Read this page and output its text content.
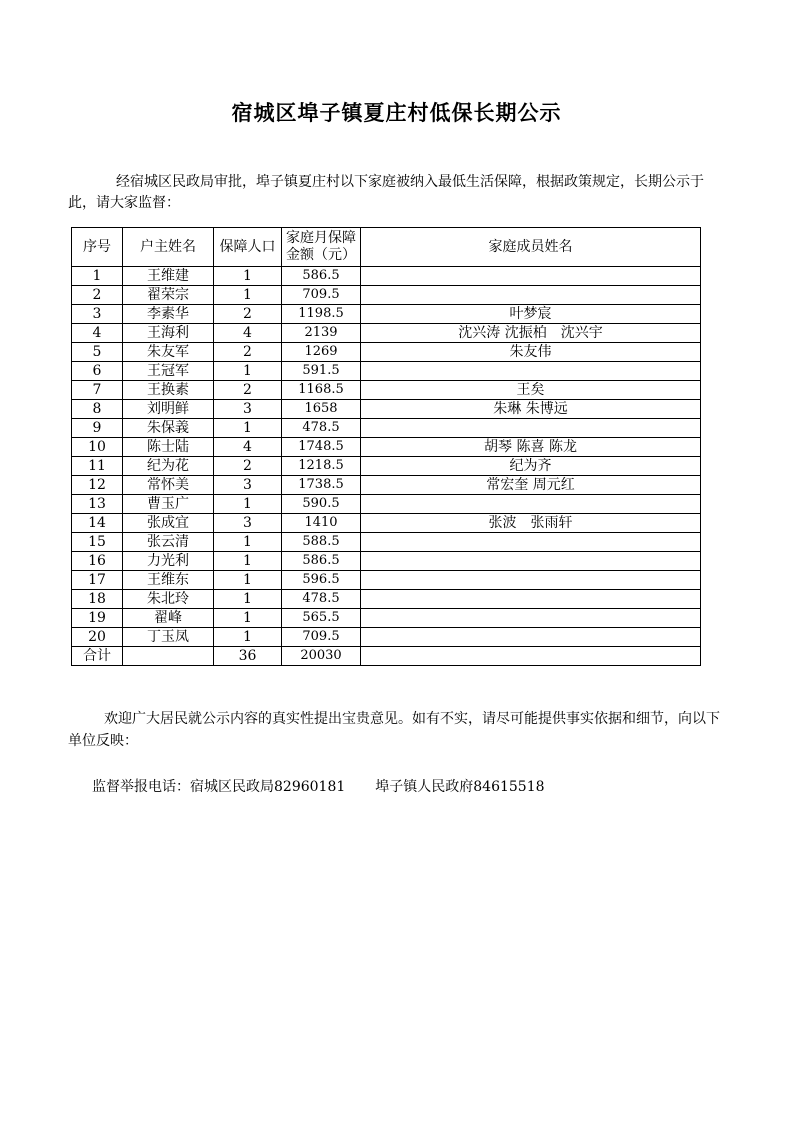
宿城区埠子镇夏庄村低保长期公示
经宿城区民政局审批，埠子镇夏庄村以下家庭被纳入最低生活保障，根据政策规定，长期公示于此，请大家监督：
序号	户主姓名	保障人口	家庭月保障
金额（元）	家庭成员姓名
1	王维建	1	586.5	
2	翟荣宗	1	709.5	
3	李素华	2	1198.5	叶梦宸
4	王海利	4	2139	沈兴涛 沈振柏　沈兴宇
5	朱友军	2	1269	朱友伟
6	王冠军	1	591.5	
7	王换素	2	1168.5	王矣
8	刘明鲜	3	1658	朱琳 朱博远
9	朱保義	1	478.5	
10	陈士陆	4	1748.5	胡琴 陈喜 陈龙
11	纪为花	2	1218.5	纪为齐
12	常怀美	3	1738.5	常宏奎 周元红
13	曹玉广	1	590.5	
14	张成宜	3	1410	张波　张雨轩
15	张云清	1	588.5	
16	力光利	1	586.5	
17	王维东	1	596.5	
18	朱北玲	1	478.5	
19	翟峰	1	565.5	
20	丁玉凤	1	709.5	
合计		36	20030	
欢迎广大居民就公示内容的真实性提出宝贵意见。如有不实，请尽可能提供事实依据和细节，向以下单位反映：
监督举报电话：宿城区民政局82960181 埠子镇人民政府84615518
